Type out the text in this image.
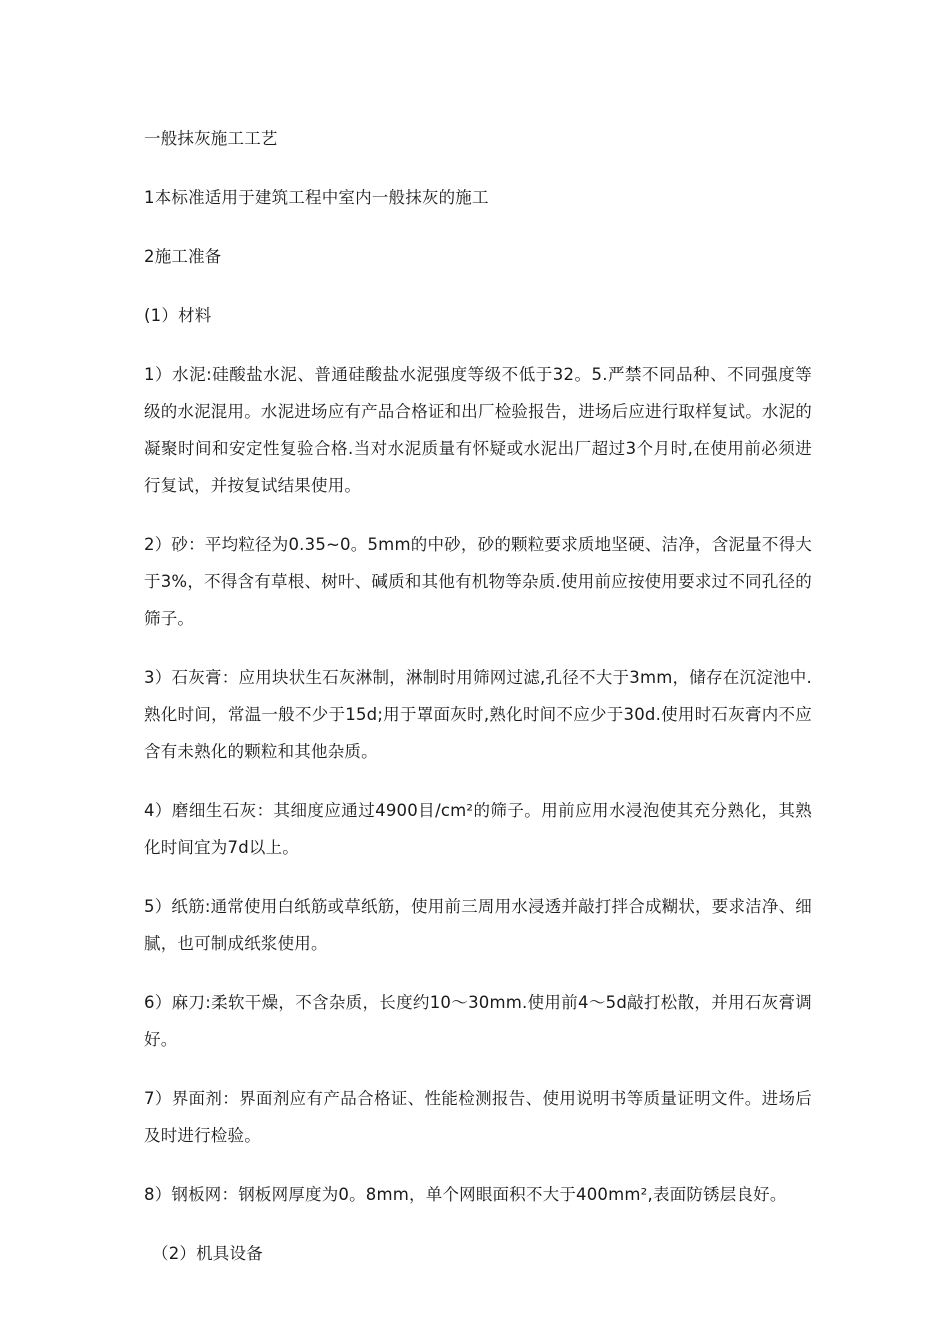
一般抹灰施工工艺

1本标准适用于建筑工程中室内一般抹灰的施工

2施工准备

(1）材料

1）水泥:硅酸盐水泥、普通硅酸盐水泥强度等级不低于32。5.严禁不同品种、不同强度等级的水泥混用。水泥进场应有产品合格证和出厂检验报告，进场后应进行取样复试。水泥的凝聚时间和安定性复验合格.当对水泥质量有怀疑或水泥出厂超过3个月时,在使用前必须进行复试，并按复试结果使用。

2）砂：平均粒径为0.35~0。5mm的中砂，砂的颗粒要求质地坚硬、洁净，含泥量不得大于3%，不得含有草根、树叶、碱质和其他有机物等杂质.使用前应按使用要求过不同孔径的筛子。

3）石灰膏：应用块状生石灰淋制，淋制时用筛网过滤,孔径不大于3mm，储存在沉淀池中.熟化时间，常温一般不少于15d;用于罩面灰时,熟化时间不应少于30d.使用时石灰膏内不应含有未熟化的颗粒和其他杂质。

4）磨细生石灰：其细度应通过4900目/cm²的筛子。用前应用水浸泡使其充分熟化，其熟化时间宜为7d以上。

5）纸筋:通常使用白纸筋或草纸筋，使用前三周用水浸透并敲打拌合成糊状，要求洁净、细腻，也可制成纸浆使用。

6）麻刀:柔软干燥，不含杂质，长度约10～30mm.使用前4～5d敲打松散，并用石灰膏调好。

7）界面剂：界面剂应有产品合格证、性能检测报告、使用说明书等质量证明文件。进场后及时进行检验。

8）钢板网：钢板网厚度为0。8mm，单个网眼面积不大于400mm²,表面防锈层良好。

（2）机具设备
